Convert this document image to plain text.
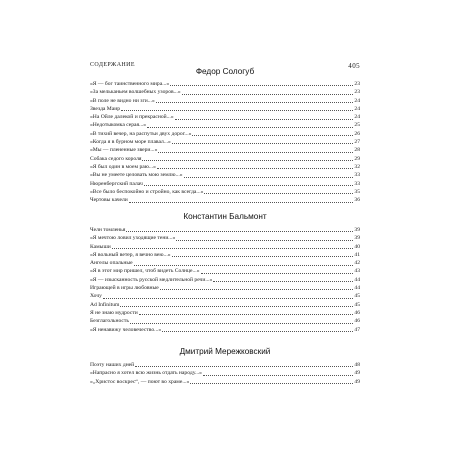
СОДЕРЖАНИЕ	405
Федор Сологуб
«Я — бог таинственного мира...»	23
«За мельканьем волшебных узоров...»	23
«В поле не видно ни зги...»	24
Звезда Маир	24
«На Ойле далекой и прекрасной...»	24
«Недотыкомка серая...»	25
«В тихий вечер, на распутьи двух дорог...»	26
«Когда я в бурном море плавал...»	27
«Мы — плененные звери...»	28
Собака седого короля	29
«Я был один в моем раю...»	32
«Вы не умеете целовать мою землю...»	33
Нюренбергский палач	33
«Все было беспокойно и стройно, как всегда...»	35
Чертовы качели	36
Константин Бальмонт
Челн томленья	39
«Я мечтою ловил уходящие тени...»	39
Камыши	40
«Я вольный ветер, я вечно вею...»	41
Ангелы опальные	42
«Я в этот мир пришел, чтоб видеть Солнце...»	43
«Я — изысканность русской медлительной речи...»	44
Играющей в игры любовные	44
Хочу	45
Ad Infinitum	45
Я не знаю мудрости	46
Безглагольность	46
«Я ненавижу человечество...»	47
Дмитрий Мережковский
Поэту наших дней	48
«Напрасно я хотел всю жизнь отдать народу...»	49
«„Христос воскрес“, — поют во храме...»	49
